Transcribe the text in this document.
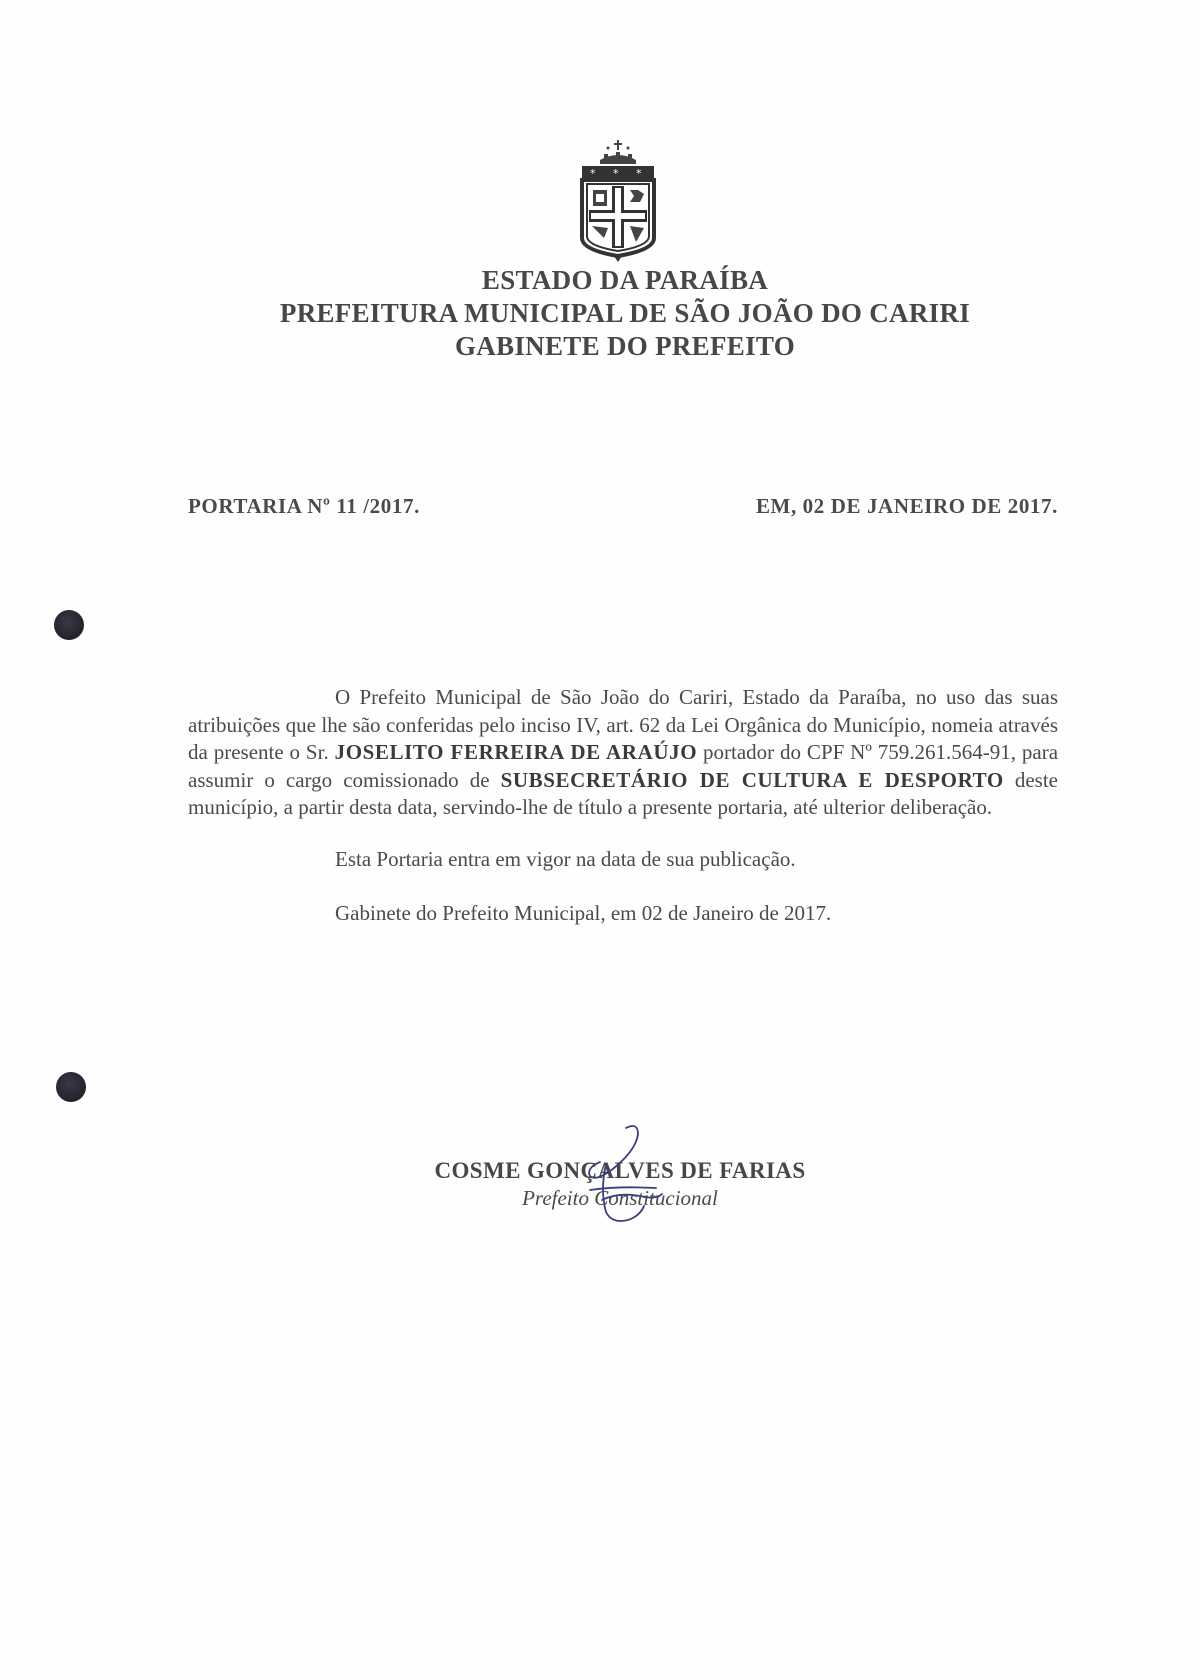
* * *
ESTADO DA PARAÍBA
PREFEITURA MUNICIPAL DE SÃO JOÃO DO CARIRI
GABINETE DO PREFEITO
PORTARIA Nº 11 /2017.	EM, 02 DE JANEIRO DE 2017.

O Prefeito Municipal de São João do Cariri, Estado da Paraíba, no uso das suas atribuições que lhe são conferidas pelo inciso IV, art. 62 da Lei Orgânica do Município, nomeia através da presente o Sr. JOSELITO FERREIRA DE ARAÚJO portador do CPF Nº 759.261.564-91, para assumir o cargo comissionado de SUBSECRETÁRIO DE CULTURA E DESPORTO deste município, a partir desta data, servindo-lhe de título a presente portaria, até ulterior deliberação.

Esta Portaria entra em vigor na data de sua publicação.

Gabinete do Prefeito Municipal, em 02 de Janeiro de 2017.

COSME GONÇALVES DE FARIAS
Prefeito Constitucional
